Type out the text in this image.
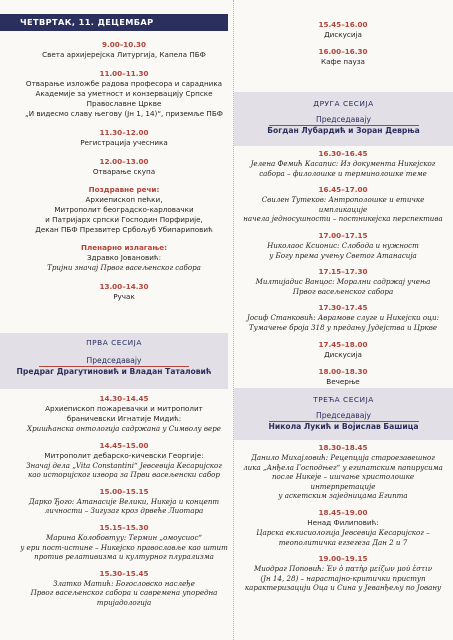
ЧЕТВРТАК, 11. ДЕЦЕМБАР
9.00–10.30
Света архијерејска Литургија, Капела ПБФ
11.00–11.30
Отварање изложбе радова професора и сарадника
Академије за уметност и конзервацију Српске
Православне Цркве
„И видесмо славу његову (Јн 1, 14)“, приземље ПБФ
11.30–12.00
Регистрација учесника
12.00–13.00
Отварање скупа
Поздравне речи:
Архиепископ пећки,
Митрополит београдско-карловачки
и Патријарх српски Господин Порфирије,
Декан ПБФ Презвитер Србољуб Убипариповић
Пленарно излагање:
Здравко Јовановић:
Тријни значај Првог васељенског сабора
13.00–14.30
Ручак
ПРВА СЕСИЈА
Председавају
Предраг Драгутиновић и Владан Таталовић
14.30–14.45
Архиепископ пожаревачки и митрополит
браничевски Игнатије Мидић:
Хришћанска онтологија садржана у Символу вере
14.45–15.00
Митрополит дебарско-кичевски Георгије:
Значај дела „Vita Constantini“ Јевсевија Кесаријског
као историјског извора за Први васељенски сабор
15.00–15.15
Дарко Ђого: Атанасије Велики, Никеја и концепт
личности – Зигузаг кроз дрвеће Лиотара
15.15–15.30
Марина Колобовтуу: Термин „омоусиос“
у ери пост-истине – Никејско православље као штит
против релативизма и културног плурализма
15.30–15.45
Златко Матић: Богословско наслеђе
Првог васељенског сабора и савремена упоредна
тријадологија
15.45–16.00
Дискусија
16.00–16.30
Кафе пауза
ДРУГА СЕСИЈА
Председавају
Богдан Лубардић и Зоран Деврња
16.30–16.45
Јелена Фемић Касапис: Из документа Никејског
сабора – филолошке и терминолошке теме
16.45–17.00
Свилен Тутеков: Антрополошке и етичке импликације
начела једносушности – постникејска перспектива
17.00–17.15
Николаос Ксионис: Слобода и нужност
у Богу према учењу Светог Атанасија
17.15–17.30
Милтијадис Ванцос: Морални садржај учења
Првог васељенског сабора
17.30–17.45
Јосиф Станковић: Аврамове слуге и Никејски оци:
Тумачење броја 318 у предању Јудејства и Цркве
17.45–18.00
Дискусија
18.00–18.30
Вечерње
ТРЕЋА СЕСИЈА
Председавају
Никола Лукић и Војислав Башица
18.30–18.45
Данило Михајловић: Рецепција староезавешног
лика „Анђела Господњег“ у египатским папирусима
после Никеје – ишчање христолошке интерпретације
у аскетским заједницама Египта
18.45–19.00
Ненад Филиповић:
Царска еклисиологија Јевсевија Кесаријског –
теополитичка егзегеза Дан 2 и 7
19.00–19.15
Миодраг Поповић: Ἐν ὁ πατὴρ μείζων μού ἐστιν
(Јн 14, 28) – нарастајно-критички приступ
карактеризацији Оца и Сина у Јеванђељу по Јовану
